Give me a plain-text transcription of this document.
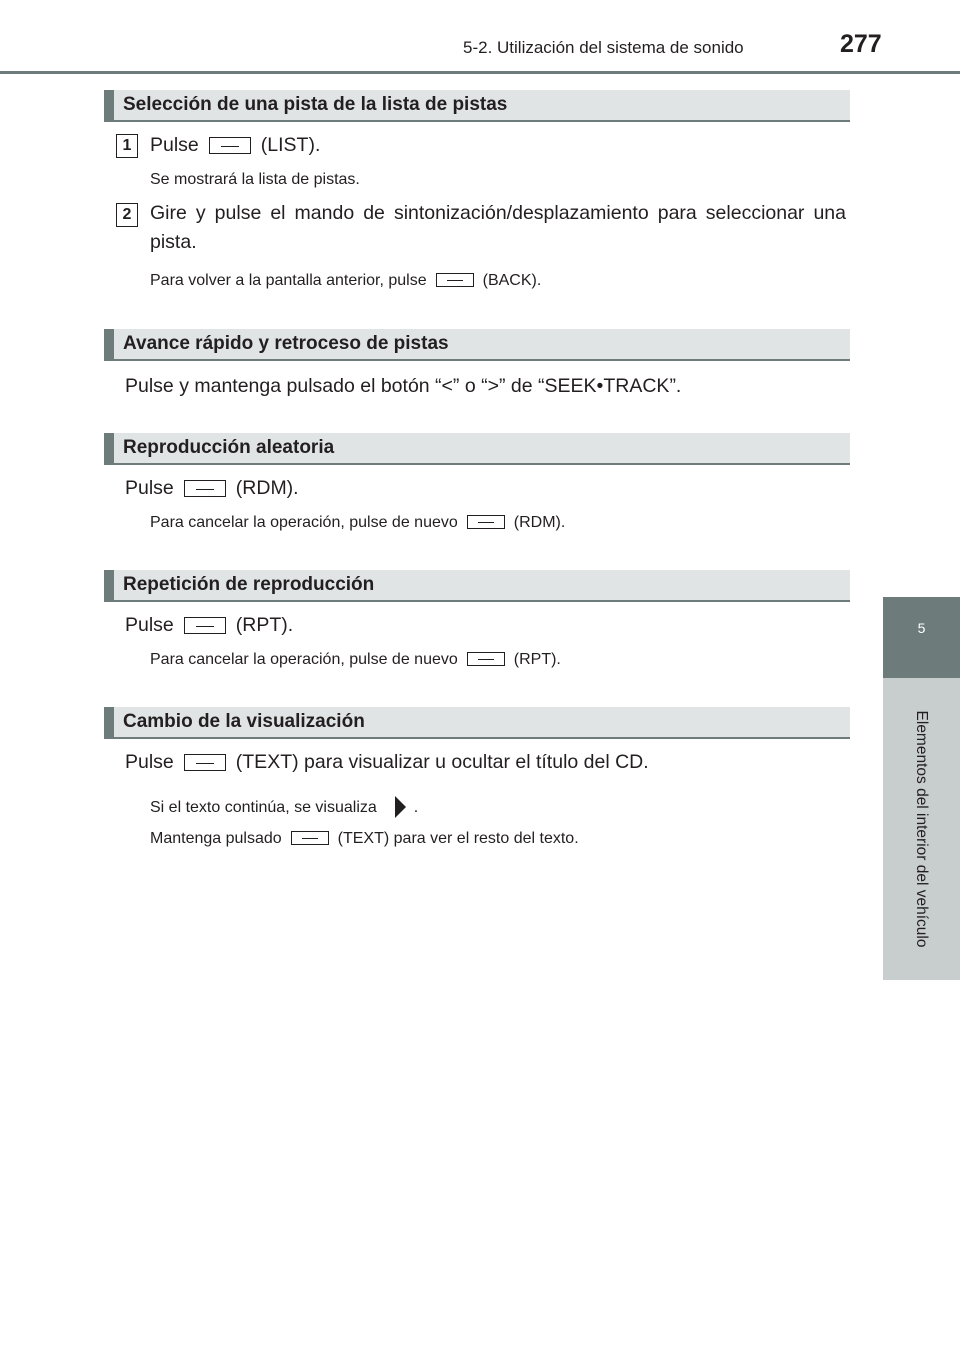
5-2. Utilización del sistema de sonido	277
5
Elementos del interior del vehículo
Selección de una pista de la lista de pistas
1 Pulse	(LIST).
Se mostrará la lista de pistas.
2 Gire y pulse el mando de sintonización/desplazamiento para seleccionar una pista.
Para volver a la pantalla anterior, pulse	(BACK).
Avance rápido y retroceso de pistas
Pulse y mantenga pulsado el botón “<” o “>” de “SEEK•TRACK”.
Reproducción aleatoria
Pulse	(RDM).
Para cancelar la operación, pulse de nuevo	(RDM).
Repetición de reproducción
Pulse	(RPT).
Para cancelar la operación, pulse de nuevo	(RPT).
Cambio de la visualización
Pulse	(TEXT) para visualizar u ocultar el título del CD.
Si el texto continúa, se visualiza .
Mantenga pulsado	(TEXT) para ver el resto del texto.
